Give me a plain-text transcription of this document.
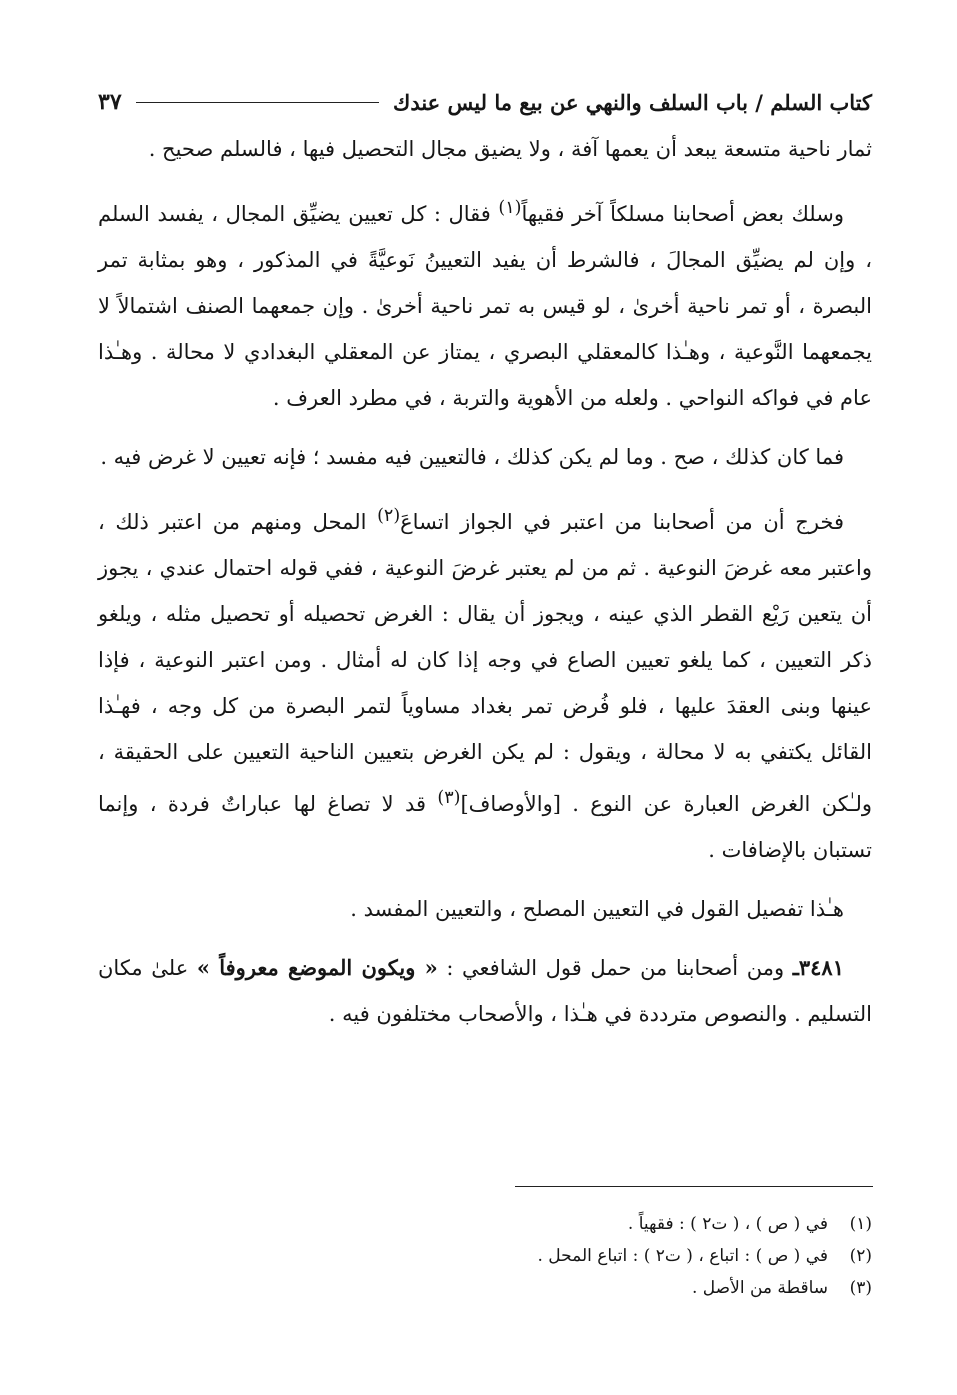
كتاب السلم / باب السلف والنهي عن بيع ما ليس عندك
٣٧

ثمار ناحية متسعة يبعد أن يعمها آفة ، ولا يضيق مجال التحصيل فيها ، فالسلم صحيح .

وسلك بعض أصحابنا مسلكاً آخر فقيهاً$^{(١)}$ فقال : كل تعيين يضيِّق المجال ، يفسد السلم ، وإن لم يضيِّق المجالَ ، فالشرط أن يفيد التعيينُ نَوعيَّةً في المذكور ، وهو بمثابة تمر البصرة ، أو تمر ناحية أخرىٰ ، لو قيس به تمر ناحية أخرىٰ . وإن جمعهما الصنف اشتمالاً لا يجمعهما النَّوعية ، وهـٰذا كالمعقلي البصري ، يمتاز عن المعقلي البغدادي لا محالة . وهـٰذا عام في فواكه النواحي . ولعله من الأهوية والتربة ، في مطرد العرف .

فما كان كذلك ، صح . وما لم يكن كذلك ، فالتعيين فيه مفسد ؛ فإنه تعيين لا غرض فيه .

فخرج أن من أصحابنا من اعتبر في الجواز اتساعَ$^{(٢)}$ المحل ومنهم من اعتبر ذلك ، واعتبر معه غرضَ النوعية . ثم من لم يعتبر غرضَ النوعية ، ففي قوله احتمال عندي ، يجوز أن يتعين رَيْع القطر الذي عينه ، ويجوز أن يقال : الغرض تحصيله أو تحصيل مثله ، ويلغو ذكر التعيين ، كما يلغو تعيين الصاع في وجه إذا كان له أمثال . ومن اعتبر النوعية ، فإذا عينها وبنى العقدَ عليها ، فلو فُرض تمر بغداد مساوياً لتمر البصرة من كل وجه ، فهـٰذا القائل يكتفي به لا محالة ، ويقول : لم يكن الغرض بتعيين الناحية التعيين على الحقيقة ، ولـٰكن الغرض العبارة عن النوع . [والأوصاف]$^{(٣)}$ قد لا تصاغ لها عباراتٌ فردة ، وإنما تستبان بالإضافات .

هـٰذا تفصيل القول في التعيين المصلح ، والتعيين المفسد .

٣٤٨١ـ ومن أصحابنا من حمل قول الشافعي : « ويكون الموضع معروفاً » علىٰ مكان التسليم . والنصوص مترددة في هـٰذا ، والأصحاب مختلفون فيه .

(١)
في ( ص ) ، ( ت٢ ) : فقهياً .
(٢)
في ( ص ) : اتباع ، ( ت٢ ) : اتباع المحل .
(٣)
ساقطة من الأصل .
